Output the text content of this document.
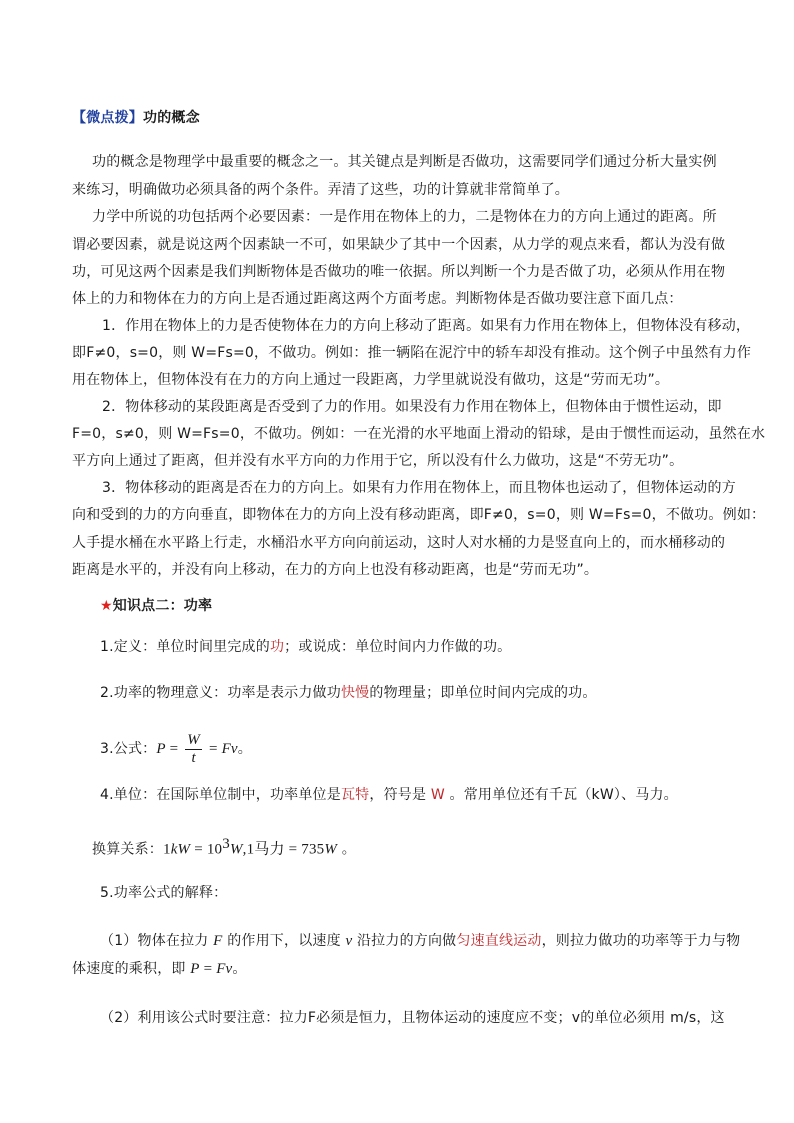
【微点拨】功的概念
功的概念是物理学中最重要的概念之一。其关键点是判断是否做功，这需要同学们通过分析大量实例
来练习，明确做功必须具备的两个条件。弄清了这些，功的计算就非常简单了。
力学中所说的功包括两个必要因素：一是作用在物体上的力，二是物体在力的方向上通过的距离。所
谓必要因素，就是说这两个因素缺一不可，如果缺少了其中一个因素，从力学的观点来看，都认为没有做
功，可见这两个因素是我们判断物体是否做功的唯一依据。所以判断一个力是否做了功，必须从作用在物
体上的力和物体在力的方向上是否通过距离这两个方面考虑。判断物体是否做功要注意下面几点：
1．作用在物体上的力是否使物体在力的方向上移动了距离。如果有力作用在物体上，但物体没有移动，
即F≠0，s=0，则 W=Fs=0，不做功。例如：推一辆陷在泥泞中的轿车却没有推动。这个例子中虽然有力作
用在物体上，但物体没有在力的方向上通过一段距离，力学里就说没有做功，这是“劳而无功”。
2．物体移动的某段距离是否受到了力的作用。如果没有力作用在物体上，但物体由于惯性运动，即
F=0，s≠0，则 W=Fs=0，不做功。例如：一在光滑的水平地面上滑动的铅球，是由于惯性而运动，虽然在水
平方向上通过了距离，但并没有水平方向的力作用于它，所以没有什么力做功，这是“不劳无功”。
3．物体移动的距离是否在力的方向上。如果有力作用在物体上，而且物体也运动了，但物体运动的方
向和受到的力的方向垂直，即物体在力的方向上没有移动距离，即F≠0，s=0，则 W=Fs=0，不做功。例如：
人手提水桶在水平路上行走，水桶沿水平方向向前运动，这时人对水桶的力是竖直向上的，而水桶移动的
距离是水平的，并没有向上移动，在力的方向上也没有移动距离，也是“劳而无功”。
★知识点二：功率
1.定义：单位时间里完成的功；或说成：单位时间内力作做的功。
2.功率的物理意义：功率是表示力做功快慢的物理量；即单位时间内完成的功。
3.公式：$P = \frac{W}{t} = Fv$。
4.单位：在国际单位制中，功率单位是瓦特，符号是 W 。常用单位还有千瓦（kW）、马力。
换算关系：$1kW = 10^3W,1$马力 = 735W 。
5.功率公式的解释：
（1）物体在拉力 F 的作用下，以速度 v 沿拉力的方向做匀速直线运动，则拉力做功的功率等于力与物
体速度的乘积，即 P = Fv。
（2）利用该公式时要注意：拉力F必须是恒力，且物体运动的速度应不变；v的单位必须用 m/s，这
